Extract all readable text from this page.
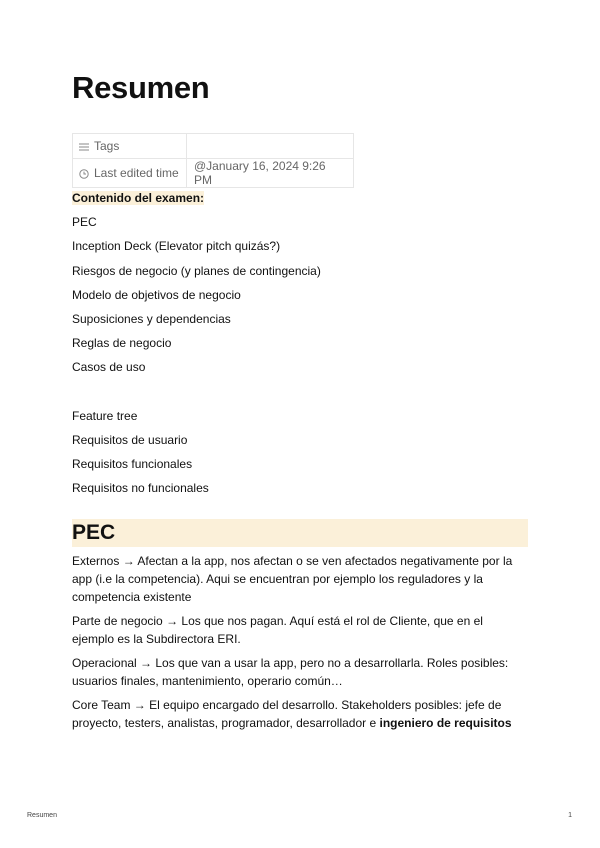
Resumen
Tags	

Last edited time	@January 16, 2024 9:26 PM
Contenido del examen:
PEC
Inception Deck (Elevator pitch quizás?)
Riesgos de negocio (y planes de contingencia)
Modelo de objetivos de negocio
Suposiciones y dependencias
Reglas de negocio
Casos de uso
Feature tree
Requisitos de usuario
Requisitos funcionales
Requisitos no funcionales
PEC

Externos → Afectan a la app, nos afectan o se ven afectados negativamente por la app (i.e la competencia). Aqui se encuentran por ejemplo los reguladores y la competencia existente

Parte de negocio → Los que nos pagan. Aquí está el rol de Cliente, que en el ejemplo es la Subdirectora ERI.

Operacional → Los que van a usar la app, pero no a desarrollarla. Roles posibles: usuarios finales, mantenimiento, operario común…

Core Team → El equipo encargado del desarrollo. Stakeholders posibles: jefe de proyecto, testers, analistas, programador, desarrollador e ingeniero de requisitos

Resumen	1
